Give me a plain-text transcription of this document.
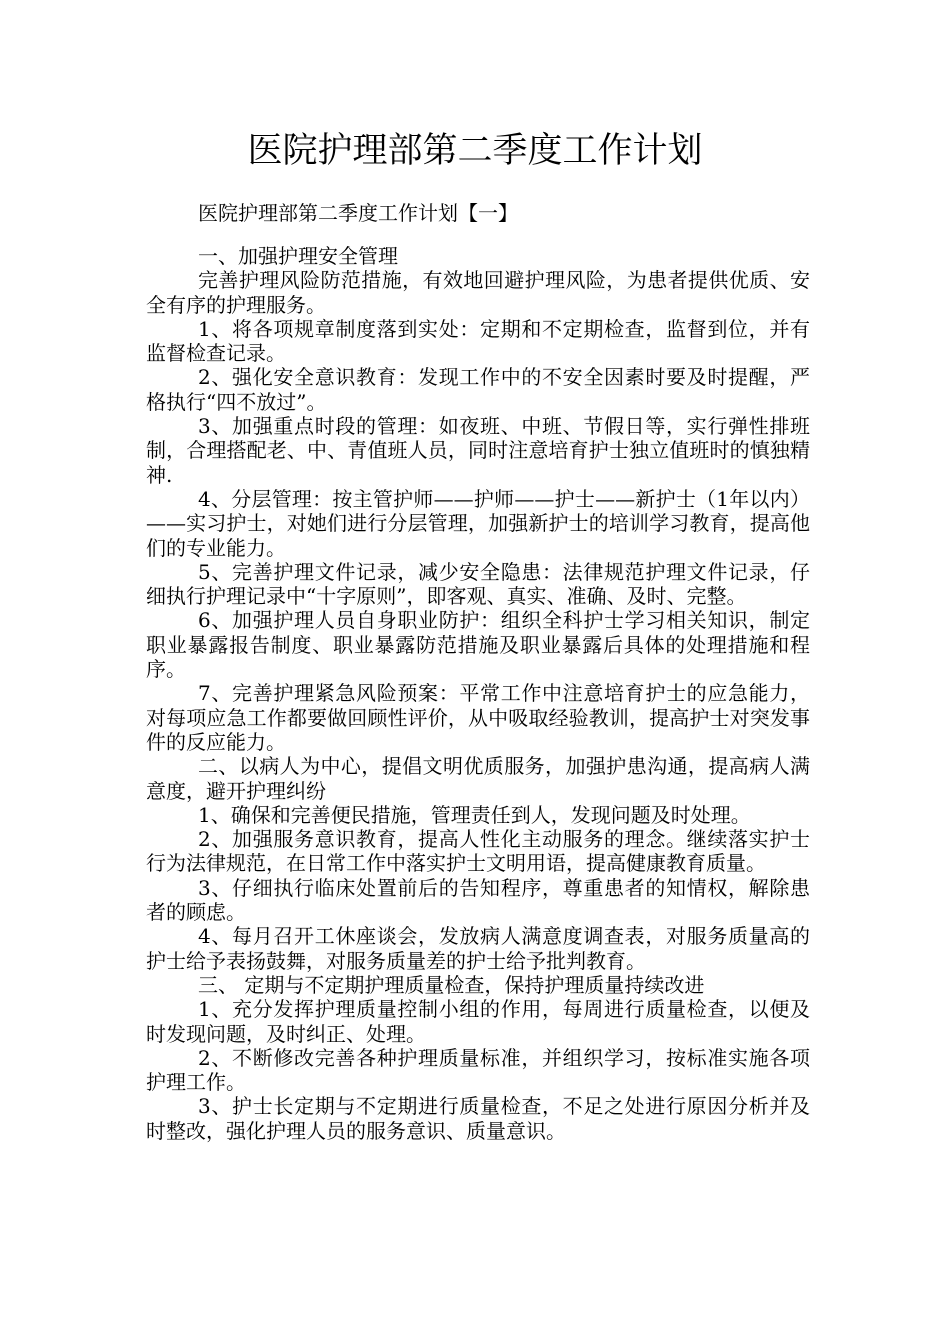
医院护理部第二季度工作计划
医院护理部第二季度工作计划【一】

一、加强护理安全管理

完善护理风险防范措施，有效地回避护理风险，为患者提供优质、安全有序的护理服务。

1、将各项规章制度落到实处：定期和不定期检查，监督到位，并有监督检查记录。

2、强化安全意识教育：发现工作中的不安全因素时要及时提醒，严格执行“四不放过”。

3、加强重点时段的管理：如夜班、中班、节假日等，实行弹性排班制，合理搭配老、中、青值班人员，同时注意培育护士独立值班时的慎独精神.

4、分层管理：按主管护师——护师——护士——新护士（1年以内）——实习护士，对她们进行分层管理，加强新护士的培训学习教育，提高他们的专业能力。

5、完善护理文件记录，减少安全隐患：法律规范护理文件记录，仔细执行护理记录中“十字原则”，即客观、真实、准确、及时、完整。

6、加强护理人员自身职业防护：组织全科护士学习相关知识，制定职业暴露报告制度、职业暴露防范措施及职业暴露后具体的处理措施和程序。

7、完善护理紧急风险预案：平常工作中注意培育护士的应急能力，对每项应急工作都要做回顾性评价，从中吸取经验教训，提高护士对突发事件的反应能力。

二、以病人为中心，提倡文明优质服务，加强护患沟通，提高病人满意度，避开护理纠纷

1、确保和完善便民措施，管理责任到人，发现问题及时处理。

2、加强服务意识教育，提高人性化主动服务的理念。继续落实护士行为法律规范，在日常工作中落实护士文明用语，提高健康教育质量。

3、仔细执行临床处置前后的告知程序，尊重患者的知情权，解除患者的顾虑。

4、每月召开工休座谈会，发放病人满意度调查表，对服务质量高的护士给予表扬鼓舞，对服务质量差的护士给予批判教育。

三、 定期与不定期护理质量检查，保持护理质量持续改进

1、充分发挥护理质量控制小组的作用，每周进行质量检查，以便及时发现问题，及时纠正、处理。

2、不断修改完善各种护理质量标准，并组织学习，按标准实施各项护理工作。

3、护士长定期与不定期进行质量检查，不足之处进行原因分析并及时整改，强化护理人员的服务意识、质量意识。
